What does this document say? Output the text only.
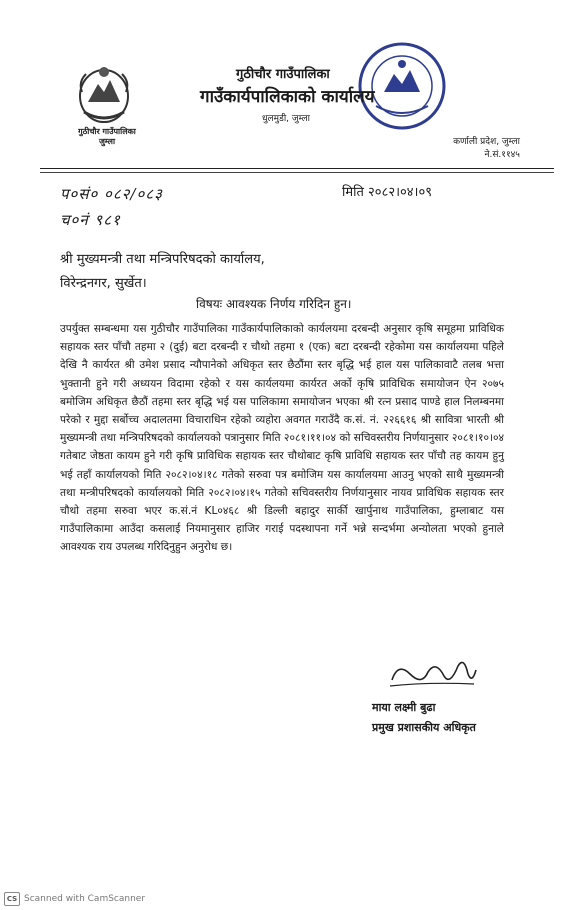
गुठीचौर गाउँपालिका
जुम्ला
गुठीचौर गाउँपालिका
गाउँकार्यपालिकाको कार्यालय
धुलमुडी, जुम्ला
कर्णाली प्रदेश, जुम्ला
ने.सं.११४५
प०सं० ०८२/०८३
च०नं ९८१
मिति २०८२।०४।०९
श्री मुख्यमन्त्री तथा मन्त्रिपरिषदको कार्यालय,
विरेन्द्रनगर, सुर्खेत।
विषयः आवश्यक निर्णय गरिदिन हुन।
उपर्युक्त सम्बन्धमा यस गुठीचौर गाउँपालिका गाउँकार्यपालिकाको कार्यलयमा दरबन्दी अनुसार कृषि समूहमा प्राविधिक सहायक स्तर पाँचौ तहमा २ (दुई) बटा दरबन्दी र चौथो तहमा १ (एक) बटा दरबन्दी रहेकोमा यस कार्यालयमा पहिले देखि नै कार्यरत श्री उमेश प्रसाद न्यौपानेको अधिकृत स्तर छैठौंमा स्तर बृद्धि भई हाल यस पालिकावाटै तलब भत्ता भुक्तानी हुने गरी अध्ययन विदामा रहेको र यस कार्यलयमा कार्यरत अर्को कृषि प्राविधिक समायोजन ऐन २०७५ बमोजिम अधिकृत छैठौं तहमा स्तर बृद्धि भई यस पालिकामा समायोजन भएका श्री रत्न प्रसाद पाण्डे हाल निलम्बनमा परेको र मुद्दा सर्बोच्च अदालतमा विचाराधिन रहेको व्यहोरा अवगत गराउँदै क.सं. नं. २२६६१६ श्री सावित्रा भारती श्री मुख्यमन्त्री तथा मन्त्रिपरिषदको कार्यालयको पत्रानुसार मिति २०८१।११।०४ को सचिवस्तरीय निर्णयानुसार २०८१।१०।०४ गतेबाट जेष्ठता कायम हुने गरी कृषि प्राविधिक सहायक स्तर चौथोबाट कृषि प्राविधि सहायक स्तर पाँचौ तह कायम हुनु भई तहाँ कार्यालयको मिति २०८२।०४।१८ गतेको सरुवा पत्र बमोजिम यस कार्यालयमा आउनु भएको साथै मुख्यमन्त्री तथा मन्त्रीपरिषदको कार्यालयको मिति २०८२।०४।१५ गतेको सचिवस्तरीय निर्णयानुसार नायव प्राविधिक सहायक स्तर चौथो तहमा सरुवा भएर क.सं.नं KL०४६८ श्री डिल्ली बहादुर सार्की खार्पुनाथ गाउँपालिका, हुम्लाबाट यस गाउँपालिकामा आउँदा कसलाई नियमानुसार हाजिर गराई पदस्थापना गर्ने भन्ने सन्दर्भमा अन्योलता भएको हुनाले आवश्यक राय उपलब्ध गरिदिनुहुन अनुरोध छ।
माया लक्ष्मी बुढा
प्रमुख प्रशासकीय अधिकृत
CS Scanned with CamScanner
